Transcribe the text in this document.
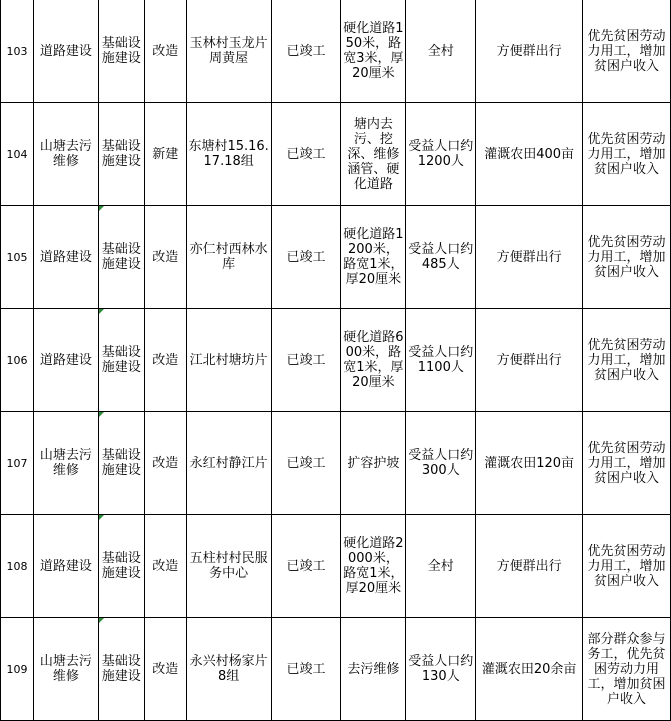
103	道路建设	基础设施建设	改造	玉林村玉龙片周黄屋	已竣工	硬化道路150米，路宽3米，厚20厘米	全村	方便群出行	优先贫困劳动力用工，增加贫困户收入
104	山塘去污维修	基础设施建设	新建	东塘村15.16.17.18组	已竣工	塘内去污、挖深、维修涵管、硬化道路	受益人口约1200人	灌溉农田400亩	优先贫困劳动力用工，增加贫困户收入
105	道路建设	基础设施建设	改造	亦仁村西林水库	已竣工	硬化道路1200米，路宽1米，厚20厘米	受益人口约485人	方便群出行	优先贫困劳动力用工，增加贫困户收入
106	道路建设	基础设施建设	改造	江北村塘坊片	已竣工	硬化道路600米，路宽1米，厚20厘米	受益人口约1100人	方便群出行	优先贫困劳动力用工，增加贫困户收入
107	山塘去污维修	基础设施建设	改造	永红村静江片	已竣工	扩容护坡	受益人口约300人	灌溉农田120亩	优先贫困劳动力用工，增加贫困户收入
108	道路建设	基础设施建设	改造	五柱村村民服务中心	已竣工	硬化道路2000米，路宽1米，厚20厘米	全村	方便群出行	优先贫困劳动力用工，增加贫困户收入
109	山塘去污维修	基础设施建设	改造	永兴村杨家片8组	已竣工	去污维修	受益人口约130人	灌溉农田20余亩	部分群众参与务工，优先贫困劳动力用工，增加贫困户收入
